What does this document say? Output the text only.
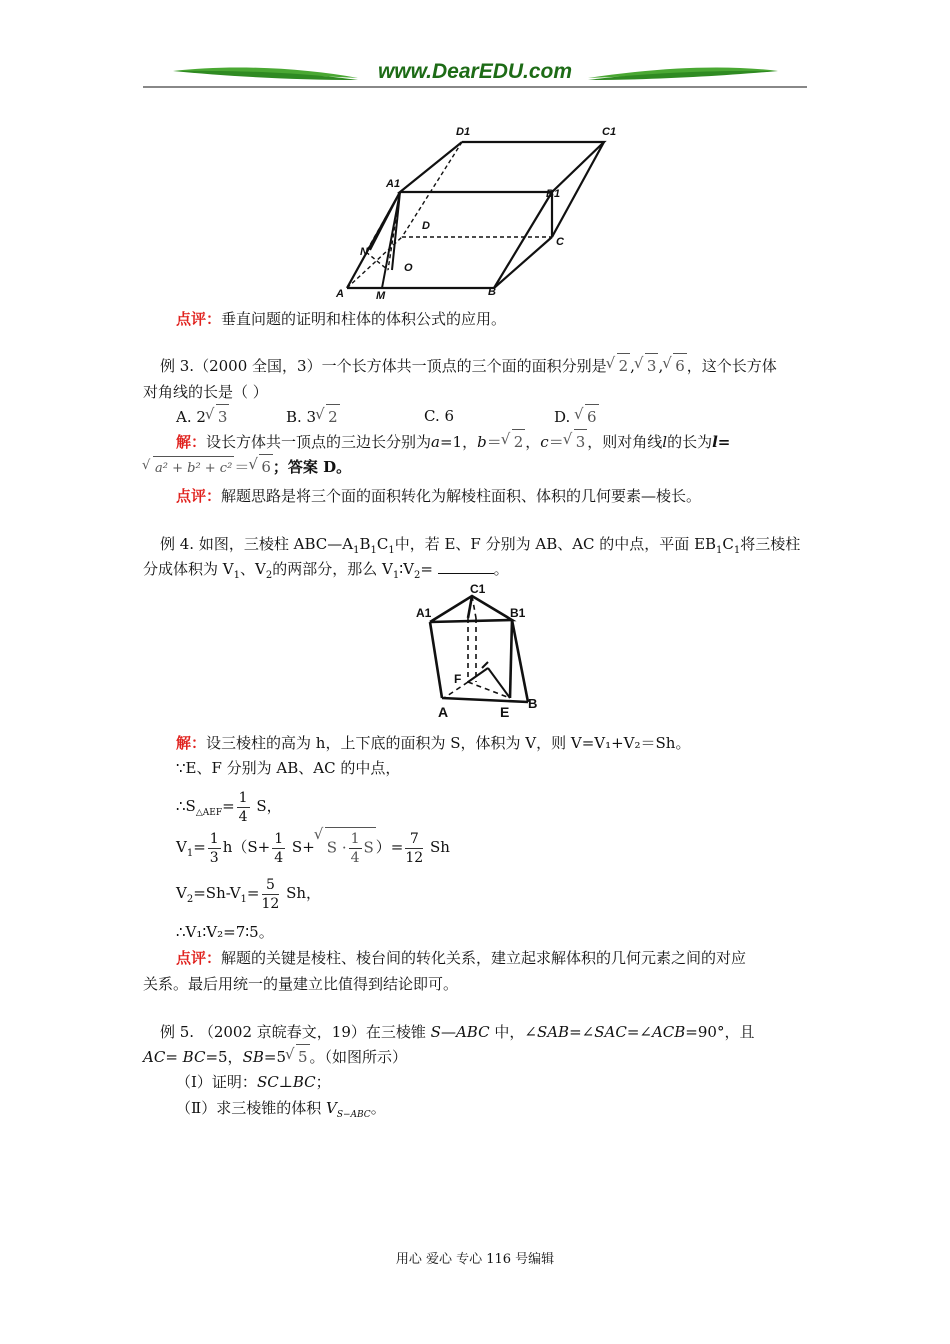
www.DearEDU.com
D1	C1
A1
B1
D
C
N
O
A	M	B
点评：垂直问题的证明和柱体的体积公式的应用。
例 3.（2000 全国，3）一个长方体共一顶点的三个面的面积分别是√ 2 ,√ 3 ,√ 6 ，这个长方体
对角线的长是（ ）
A. 2√ 3	B. 3√ 2	C. 6	D. √ 6
解：设长方体共一顶点的三边长分别为a=1，b＝√ 2 ，c＝√ 3 ，则对角线l的长为l=
√ a² + b² + c² ＝√ 6 ；答案 D。
点评：解题思路是将三个面的面积转化为解棱柱面积、体积的几何要素—棱长。
例 4. 如图，三棱柱 $ABC—A_1B_1C_1$中，若 E、F 分别为 AB、AC 的中点，平面 $EB_1C_1$将三棱柱
分成体积为 $V_1$、$V_2$的两部分，那么 $V_1∶V_2=$	。
C1
A1	B1
F
A	E
B
解：设三棱柱的高为 h，上下底的面积为 S，体积为 V，则 V=V₁+V₂＝Sh。
∵E、F 分别为 AB、AC 的中点，
$\therefore S_{\triangle AEF}= \frac{1}{4}$ S，
$V_1= \frac{1}{3} h(S+ \frac{1}{4} S+√$ $S \cdot \frac{1}{4}$ S ）= $\frac{7}{12}$ Sh
$V_2=Sh-V_1= \frac{5}{12}$ Sh，
∴V₁∶V₂=7∶5。
点评：解题的关键是棱柱、棱台间的转化关系，建立起求解体积的几何元素之间的对应
关系。最后用统一的量建立比值得到结论即可。
例 5. （2002 京皖春文，19）在三棱锥 S—ABC 中，∠SAB=∠SAC=∠ACB=90°，且
AC= BC=5，SB=5√ 5 。（如图所示）
（Ⅰ）证明：SC⊥BC；
（Ⅱ）求三棱锥的体积 $V_{S-ABC}$。
用心 爱心 专心 116 号编辑
